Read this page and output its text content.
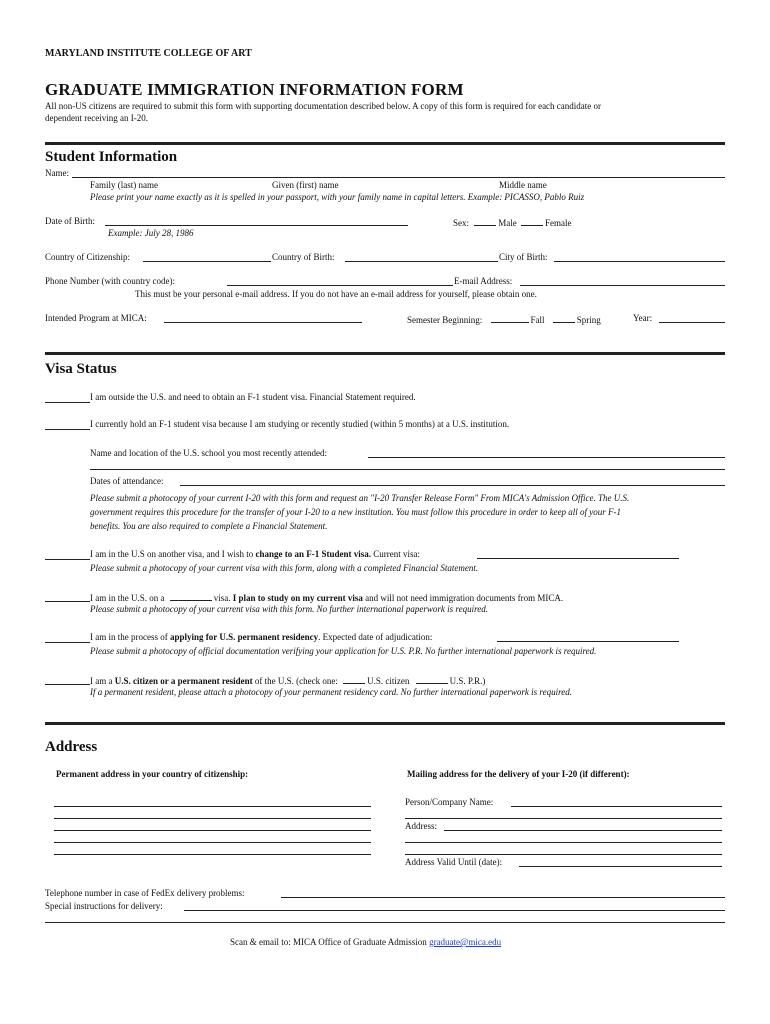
MARYLAND INSTITUTE COLLEGE OF ART
GRADUATE IMMIGRATION INFORMATION FORM
All non-US citizens are required to submit this form with supporting documentation described below. A copy of this form is required for each candidate or
dependent receiving an I-20.
Student Information
Name:
Family (last) name	Given (first) name	Middle name
Please print your name exactly as it is spelled in your passport, with your family name in capital letters. Example: PICASSO, Pablo Ruiz
Date of Birth:
Example: July 28, 1986
Sex:	Male	Female
Country of Citizenship:	Country of Birth:	City of Birth:
Phone Number (with country code):	E-mail Address:
This must be your personal e-mail address. If you do not have an e-mail address for yourself, please obtain one.
Intended Program at MICA:	Semester Beginning:	Fall	Spring	Year:
Visa Status
I am outside the U.S. and need to obtain an F-1 student visa. Financial Statement required.
I currently hold an F-1 student visa because I am studying or recently studied (within 5 months) at a U.S. institution.
Name and location of the U.S. school you most recently attended:
Dates of attendance:
Please submit a photocopy of your current I-20 with this form and request an "I-20 Transfer Release Form" From MICA's Admission Office. The U.S.
government requires this procedure for the transfer of your I-20 to a new institution. You must follow this procedure in order to keep all of your F-1
benefits. You are also required to complete a Financial Statement.
I am in the U.S on another visa, and I wish to change to an F-1 Student visa. Current visa:
Please submit a photocopy of your current visa with this form, along with a completed Financial Statement.
I am in the U.S. on a	visa. I plan to study on my current visa and will not need immigration documents from MICA.
Please submit a photocopy of your current visa with this form. No further international paperwork is required.
I am in the process of applying for U.S. permanent residency. Expected date of adjudication:
Please submit a photocopy of official documentation verifying your application for U.S. P.R. No further international paperwork is required.
I am a U.S. citizen or a permanent resident of the U.S. (check one:	U.S. citizen	U.S. P.R.)
If a permanent resident, please attach a photocopy of your permanent residency card. No further international paperwork is required.
Address
Permanent address in your country of citizenship:	Mailing address for the delivery of your I-20 (if different):
Person/Company Name:
Address:
Address Valid Until (date):
Telephone number in case of FedEx delivery problems:
Special instructions for delivery:
Scan & email to: MICA Office of Graduate Admission graduate@mica.edu
